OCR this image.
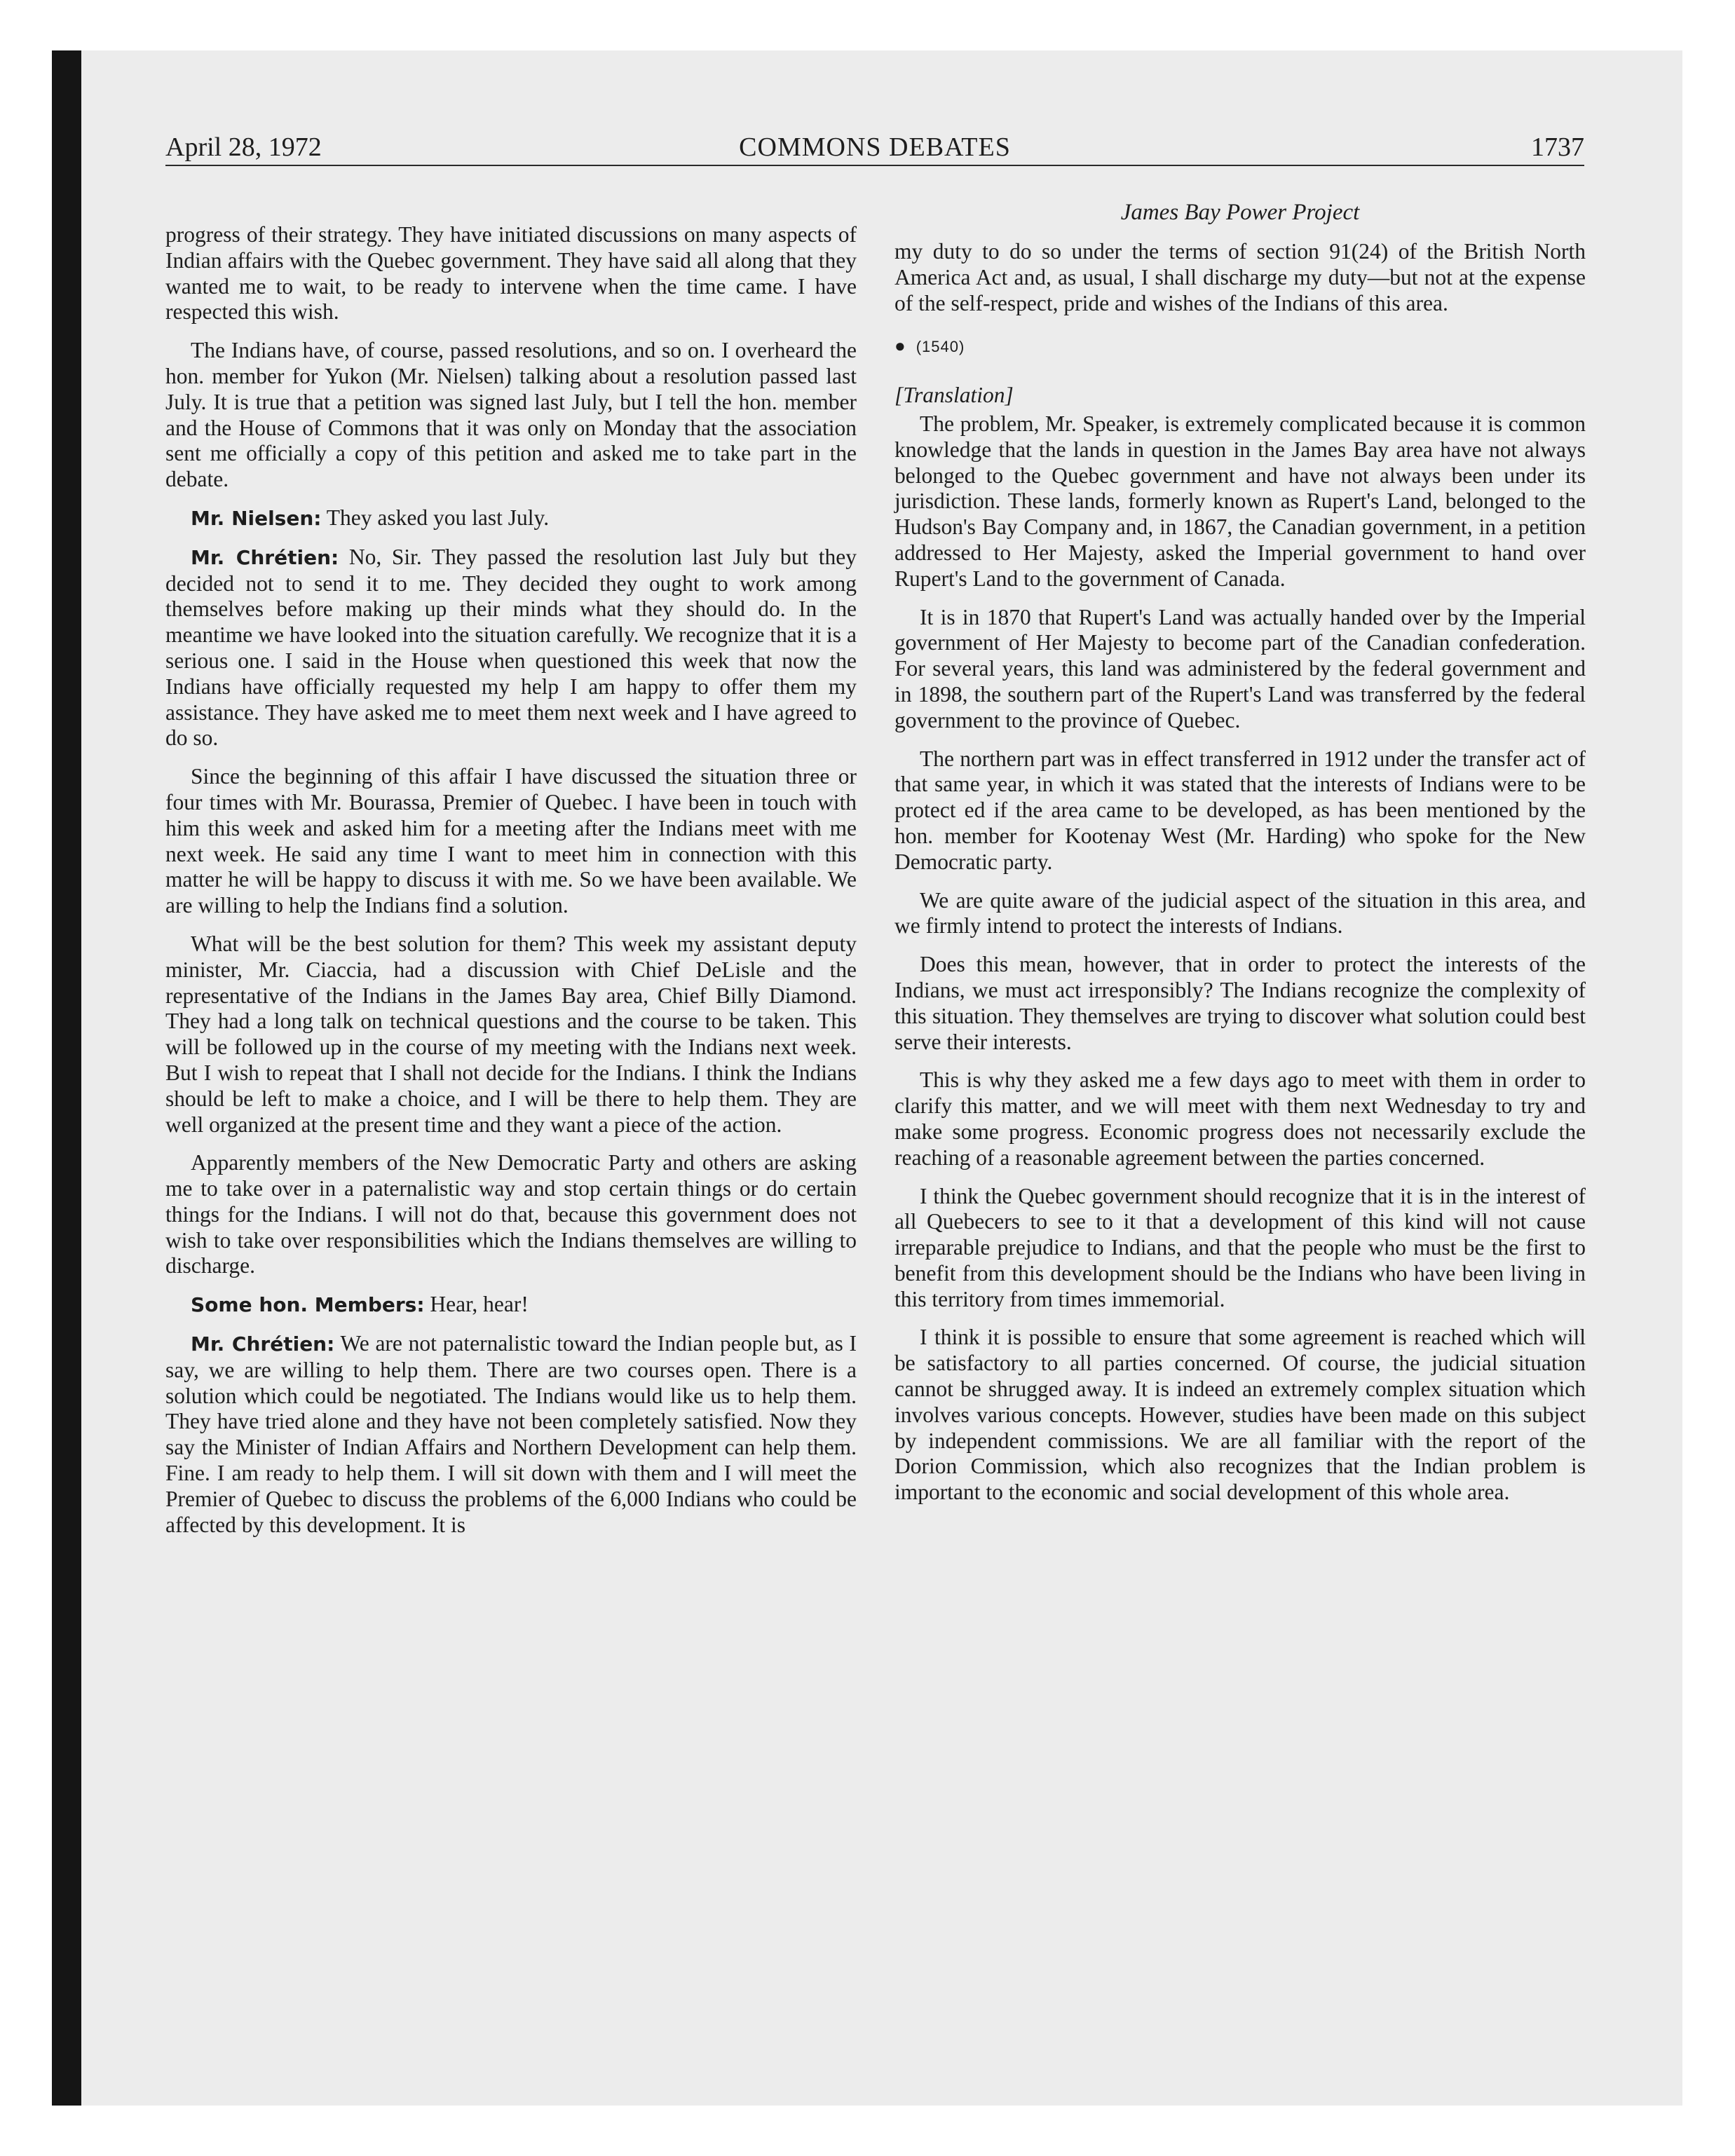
April 28, 1972	COMMONS DEBATES	1737

progress of their strategy. They have initiated discussions on many aspects of Indian affairs with the Quebec government. They have said all along that they wanted me to wait, to be ready to intervene when the time came. I have respected this wish.

The Indians have, of course, passed resolutions, and so on. I overheard the hon. member for Yukon (Mr. Nielsen) talking about a resolution passed last July. It is true that a petition was signed last July, but I tell the hon. member and the House of Commons that it was only on Monday that the association sent me officially a copy of this petition and asked me to take part in the debate.

Mr. Nielsen: They asked you last July.

Mr. Chrétien: No, Sir. They passed the resolution last July but they decided not to send it to me. They decided they ought to work among themselves before making up their minds what they should do. In the meantime we have looked into the situation carefully. We recognize that it is a serious one. I said in the House when questioned this week that now the Indians have officially requested my help I am happy to offer them my assistance. They have asked me to meet them next week and I have agreed to do so.

Since the beginning of this affair I have discussed the situation three or four times with Mr. Bourassa, Premier of Quebec. I have been in touch with him this week and asked him for a meeting after the Indians meet with me next week. He said any time I want to meet him in connection with this matter he will be happy to discuss it with me. So we have been available. We are willing to help the Indians find a solution.

What will be the best solution for them? This week my assistant deputy minister, Mr. Ciaccia, had a discussion with Chief DeLisle and the representative of the Indians in the James Bay area, Chief Billy Diamond. They had a long talk on technical questions and the course to be taken. This will be followed up in the course of my meeting with the Indians next week. But I wish to repeat that I shall not decide for the Indians. I think the Indians should be left to make a choice, and I will be there to help them. They are well organized at the present time and they want a piece of the action.

Apparently members of the New Democratic Party and others are asking me to take over in a paternalistic way and stop certain things or do certain things for the Indians. I will not do that, because this government does not wish to take over responsibilities which the Indians themselves are willing to discharge.

Some hon. Members: Hear, hear!

Mr. Chrétien: We are not paternalistic toward the Indian people but, as I say, we are willing to help them. There are two courses open. There is a solution which could be negotiated. The Indians would like us to help them. They have tried alone and they have not been completely satisfied. Now they say the Minister of Indian Affairs and Northern Development can help them. Fine. I am ready to help them. I will sit down with them and I will meet the Premier of Quebec to discuss the problems of the 6,000 Indians who could be affected by this development. It is

James Bay Power Project

my duty to do so under the terms of section 91(24) of the British North America Act and, as usual, I shall discharge my duty—but not at the expense of the self-respect, pride and wishes of the Indians of this area.

● (1540)

[Translation]

The problem, Mr. Speaker, is extremely complicated because it is common knowledge that the lands in question in the James Bay area have not always belonged to the Quebec government and have not always been under its jurisdiction. These lands, formerly known as Rupert's Land, belonged to the Hudson's Bay Company and, in 1867, the Canadian government, in a petition addressed to Her Majesty, asked the Imperial government to hand over Rupert's Land to the government of Canada.

It is in 1870 that Rupert's Land was actually handed over by the Imperial government of Her Majesty to become part of the Canadian confederation. For several years, this land was administered by the federal government and in 1898, the southern part of the Rupert's Land was transferred by the federal government to the province of Quebec.

The northern part was in effect transferred in 1912 under the transfer act of that same year, in which it was stated that the interests of Indians were to be protect ed if the area came to be developed, as has been mentioned by the hon. member for Kootenay West (Mr. Harding) who spoke for the New Democratic party.

We are quite aware of the judicial aspect of the situation in this area, and we firmly intend to protect the interests of Indians.

Does this mean, however, that in order to protect the interests of the Indians, we must act irresponsibly? The Indians recognize the complexity of this situation. They themselves are trying to discover what solution could best serve their interests.

This is why they asked me a few days ago to meet with them in order to clarify this matter, and we will meet with them next Wednesday to try and make some progress. Economic progress does not necessarily exclude the reaching of a reasonable agreement between the parties concerned.

I think the Quebec government should recognize that it is in the interest of all Quebecers to see to it that a development of this kind will not cause irreparable prejudice to Indians, and that the people who must be the first to benefit from this development should be the Indians who have been living in this territory from times immemorial.

I think it is possible to ensure that some agreement is reached which will be satisfactory to all parties concerned. Of course, the judicial situation cannot be shrugged away. It is indeed an extremely complex situation which involves various concepts. However, studies have been made on this subject by independent commissions. We are all familiar with the report of the Dorion Commission, which also recognizes that the Indian problem is important to the economic and social development of this whole area.
